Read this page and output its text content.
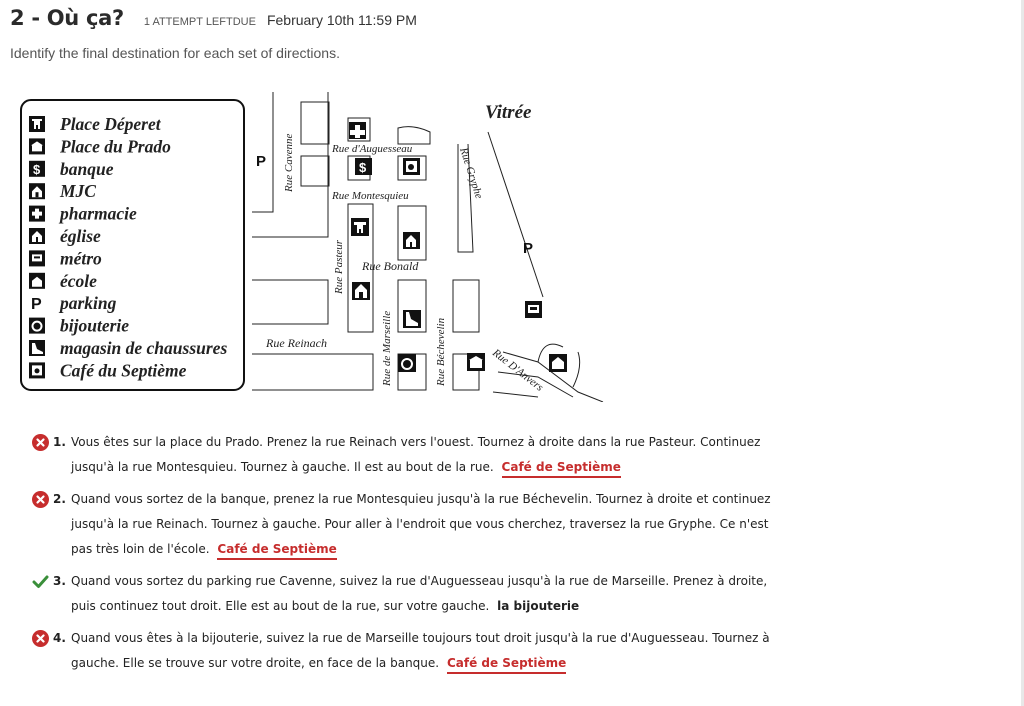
2 - Où ça? 1 ATTEMPT LEFT DUE February 10th 11:59 PM
Identify the final destination for each set of directions.
$
P
Place Déperet
Place du Prado
banque
MJC
pharmacie
église
métro
école
parking
bijouterie
magasin de chaussures
Café du Septième
Vitrée
Rue Cavenne	Rue d'Auguesseau
Rue Montesquieu	Rue Gryphe
Rue Pasteur Rue Bonald
Rue Reinach	Rue de Marseille	Rue Béchevelin	Rue D'Anvers
P
P
$
1. Vous êtes sur la place du Prado. Prenez la rue Reinach vers l'ouest. Tournez à droite dans la rue Pasteur. Continuez jusqu'à la rue Montesquieu. Tournez à gauche. Il est au bout de la rue. Café de Septième
2. Quand vous sortez de la banque, prenez la rue Montesquieu jusqu'à la rue Béchevelin. Tournez à droite et continuez jusqu'à la rue Reinach. Tournez à gauche. Pour aller à l'endroit que vous cherchez, traversez la rue Gryphe. Ce n'est pas très loin de l'école. Café de Septième
3. Quand vous sortez du parking rue Cavenne, suivez la rue d'Auguesseau jusqu'à la rue de Marseille. Prenez à droite, puis continuez tout droit. Elle est au bout de la rue, sur votre gauche. la bijouterie
4. Quand vous êtes à la bijouterie, suivez la rue de Marseille toujours tout droit jusqu'à la rue d'Auguesseau. Tournez à gauche. Elle se trouve sur votre droite, en face de la banque. Café de Septième
